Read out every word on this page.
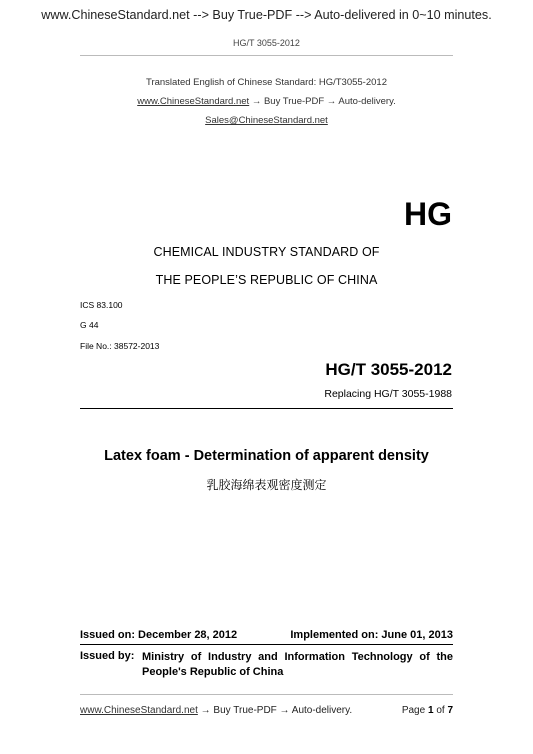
www.ChineseStandard.net --> Buy True-PDF --> Auto-delivered in 0~10 minutes.
HG/T 3055-2012
Translated English of Chinese Standard: HG/T3055-2012
www.ChineseStandard.net → Buy True-PDF → Auto-delivery.
Sales@ChineseStandard.net
HG
CHEMICAL INDUSTRY STANDARD OF
THE PEOPLE’S REPUBLIC OF CHINA
ICS 83.100
G 44
File No.: 38572-2013
HG/T 3055-2012
Replacing HG/T 3055-1988
Latex foam - Determination of apparent density
乳胶海绵表观密度测定
Issued on: December 28, 2012	Implemented on: June 01, 2013
Issued by: Ministry of Industry and Information Technology of the People's Republic of China
www.ChineseStandard.net → Buy True-PDF → Auto-delivery.	Page 1 of 7
